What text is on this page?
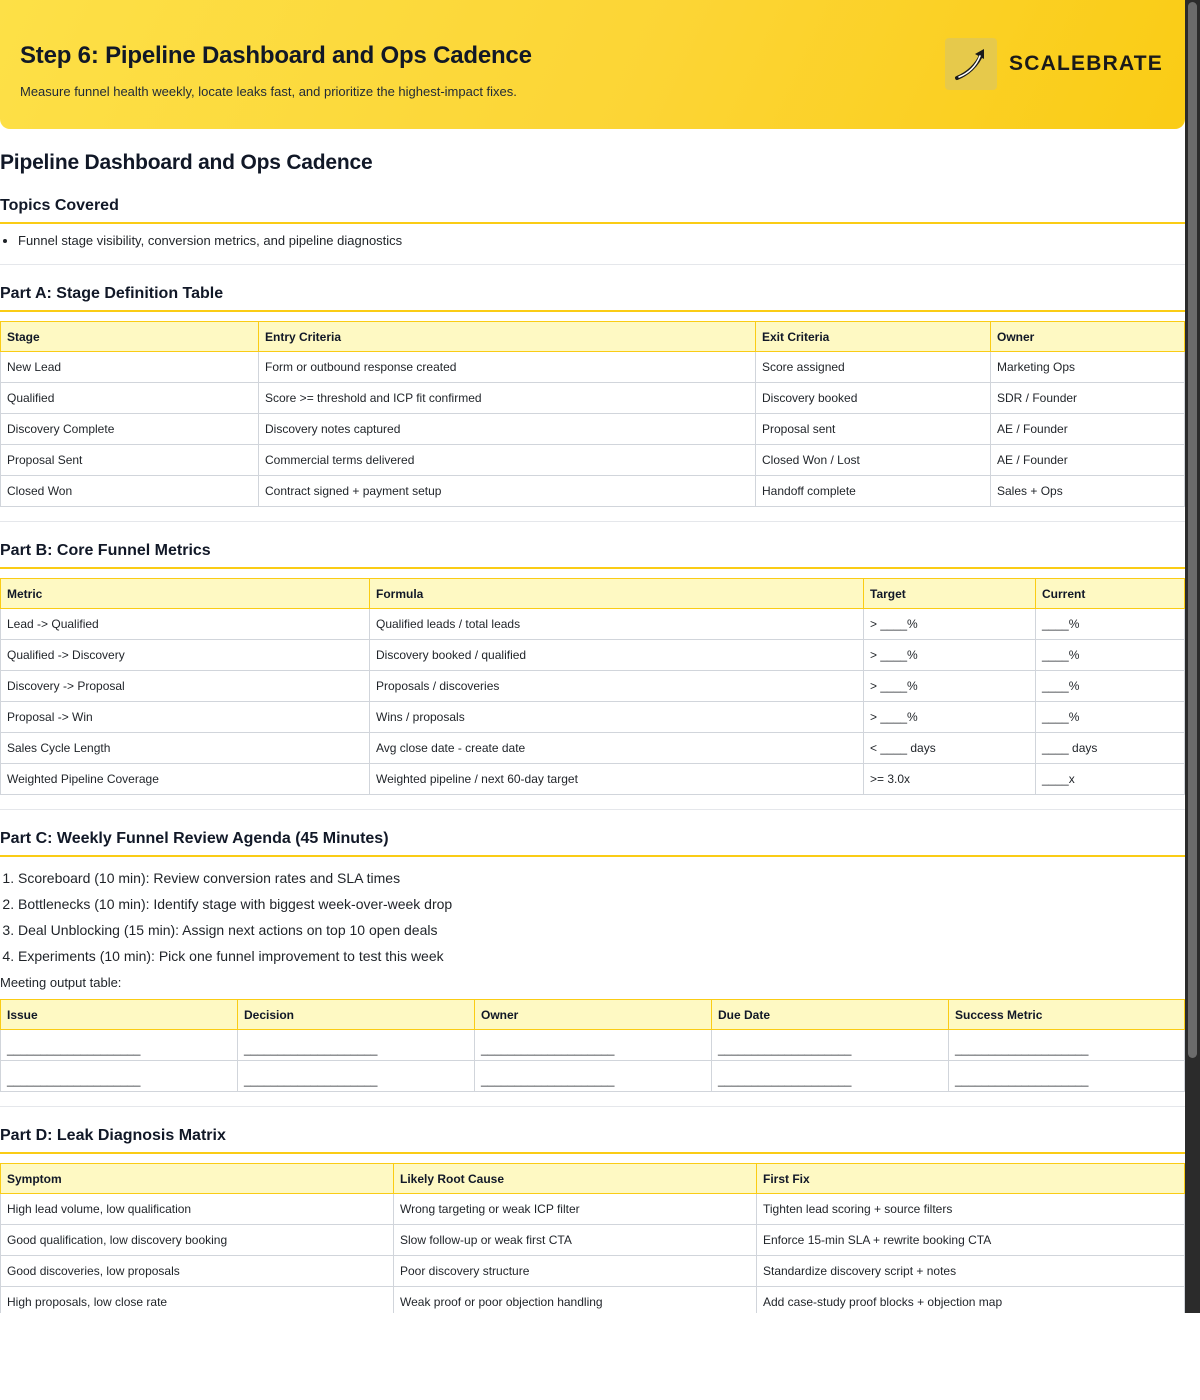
Step 6: Pipeline Dashboard and Ops Cadence
Measure funnel health weekly, locate leaks fast, and prioritize the highest-impact fixes.
SCALEBRATE
Pipeline Dashboard and Ops Cadence
Topics Covered
• Funnel stage visibility, conversion metrics, and pipeline diagnostics
Part A: Stage Definition Table
Stage	Entry Criteria	Exit Criteria	Owner
New Lead	Form or outbound response created	Score assigned	Marketing Ops
Qualified	Score >= threshold and ICP fit confirmed	Discovery booked	SDR / Founder
Discovery Complete	Discovery notes captured	Proposal sent	AE / Founder
Proposal Sent	Commercial terms delivered	Closed Won / Lost	AE / Founder
Closed Won	Contract signed + payment setup	Handoff complete	Sales + Ops
Part B: Core Funnel Metrics
Metric	Formula	Target	Current
Lead -> Qualified	Qualified leads / total leads	> ____%	____%
Qualified -> Discovery	Discovery booked / qualified	> ____%	____%
Discovery -> Proposal	Proposals / discoveries	> ____%	____%
Proposal -> Win	Wins / proposals	> ____%	____%
Sales Cycle Length	Avg close date - create date	< ____ days	____ days
Weighted Pipeline Coverage	Weighted pipeline / next 60-day target	>= 3.0x	____x
Part C: Weekly Funnel Review Agenda (45 Minutes)
1. Scoreboard (10 min): Review conversion rates and SLA times
2. Bottlenecks (10 min): Identify stage with biggest week-over-week drop
3. Deal Unblocking (15 min): Assign next actions on top 10 open deals
4. Experiments (10 min): Pick one funnel improvement to test this week
Meeting output table:
Issue	Decision	Owner	Due Date	Success Metric
____________________	____________________	____________________	____________________	____________________
____________________	____________________	____________________	____________________	____________________
Part D: Leak Diagnosis Matrix
Symptom	Likely Root Cause	First Fix
High lead volume, low qualification	Wrong targeting or weak ICP filter	Tighten lead scoring + source filters
Good qualification, low discovery booking	Slow follow-up or weak first CTA	Enforce 15-min SLA + rewrite booking CTA
Good discoveries, low proposals	Poor discovery structure	Standardize discovery script + notes
High proposals, low close rate	Weak proof or poor objection handling	Add case-study proof blocks + objection map
